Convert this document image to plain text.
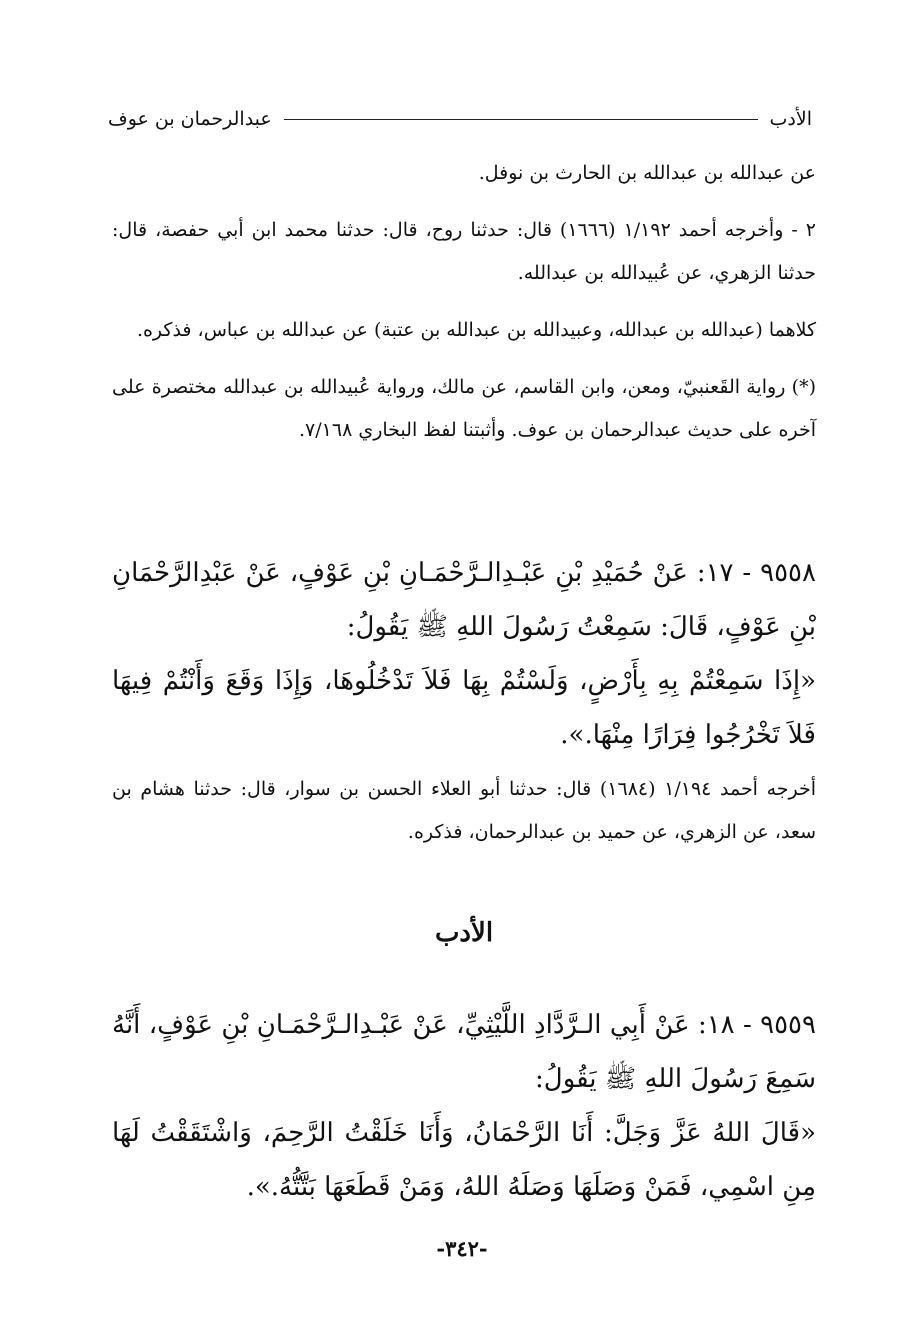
الأدب
عبدالرحمان بن عوف

عن عبدالله بن عبدالله بن الحارث بن نوفل.

٢ - وأخرجه أحمد ١/١٩٢ (١٦٦٦) قال: حدثنا روح، قال: حدثنا محمد ابن أبي حفصة، قال: حدثنا الزهري، عن عُبيدالله بن عبدالله.

كلاهما (عبدالله بن عبدالله، وعبيدالله بن عبدالله بن عتبة) عن عبدالله بن عباس، فذكره.

(*) رواية القَعنبيّ، ومعن، وابن القاسم، عن مالك، ورواية عُبيدالله بن عبدالله مختصرة على آخره على حديث عبدالرحمان بن عوف. وأثبتنا لفظ البخاري ٧/١٦٨.

٩٥٥٨ - ١٧: عَنْ حُمَيْدِ بْنِ عَبْـدِالـرَّحْمَـانِ بْنِ عَوْفٍ، عَنْ عَبْدِالرَّحْمَانِ بْنِ عَوْفٍ، قَالَ: سَمِعْتُ رَسُولَ اللهِ ﷺ يَقُولُ:

«إِذَا سَمِعْتُمْ بِهِ بِأَرْضٍ، وَلَسْتُمْ بِهَا فَلاَ تَدْخُلُوهَا، وَإِذَا وَقَعَ وَأَنْتُمْ فِيهَا فَلاَ تَخْرُجُوا فِرَارًا مِنْهَا.».

أخرجه أحمد ١/١٩٤ (١٦٨٤) قال: حدثنا أبو العلاء الحسن بن سوار، قال: حدثنا هشام بن سعد، عن الزهري، عن حميد بن عبدالرحمان، فذكره.

الأدب

٩٥٥٩ - ١٨: عَنْ أَبِي الـرَّدَّادِ اللَّيْثِيِّ، عَنْ عَبْـدِالـرَّحْمَـانِ بْنِ عَوْفٍ، أَنَّهُ سَمِعَ رَسُولَ اللهِ ﷺ يَقُولُ:

«قَالَ اللهُ عَزَّ وَجَلَّ: أَنَا الرَّحْمَانُ، وَأَنَا خَلَقْتُ الرَّحِمَ، وَاشْتَقَقْتُ لَهَا مِنِ اسْمِي، فَمَنْ وَصَلَهَا وَصَلَهُ اللهُ، وَمَنْ قَطَعَهَا بَتَّتُّهُ.».

-٣٤٢-
